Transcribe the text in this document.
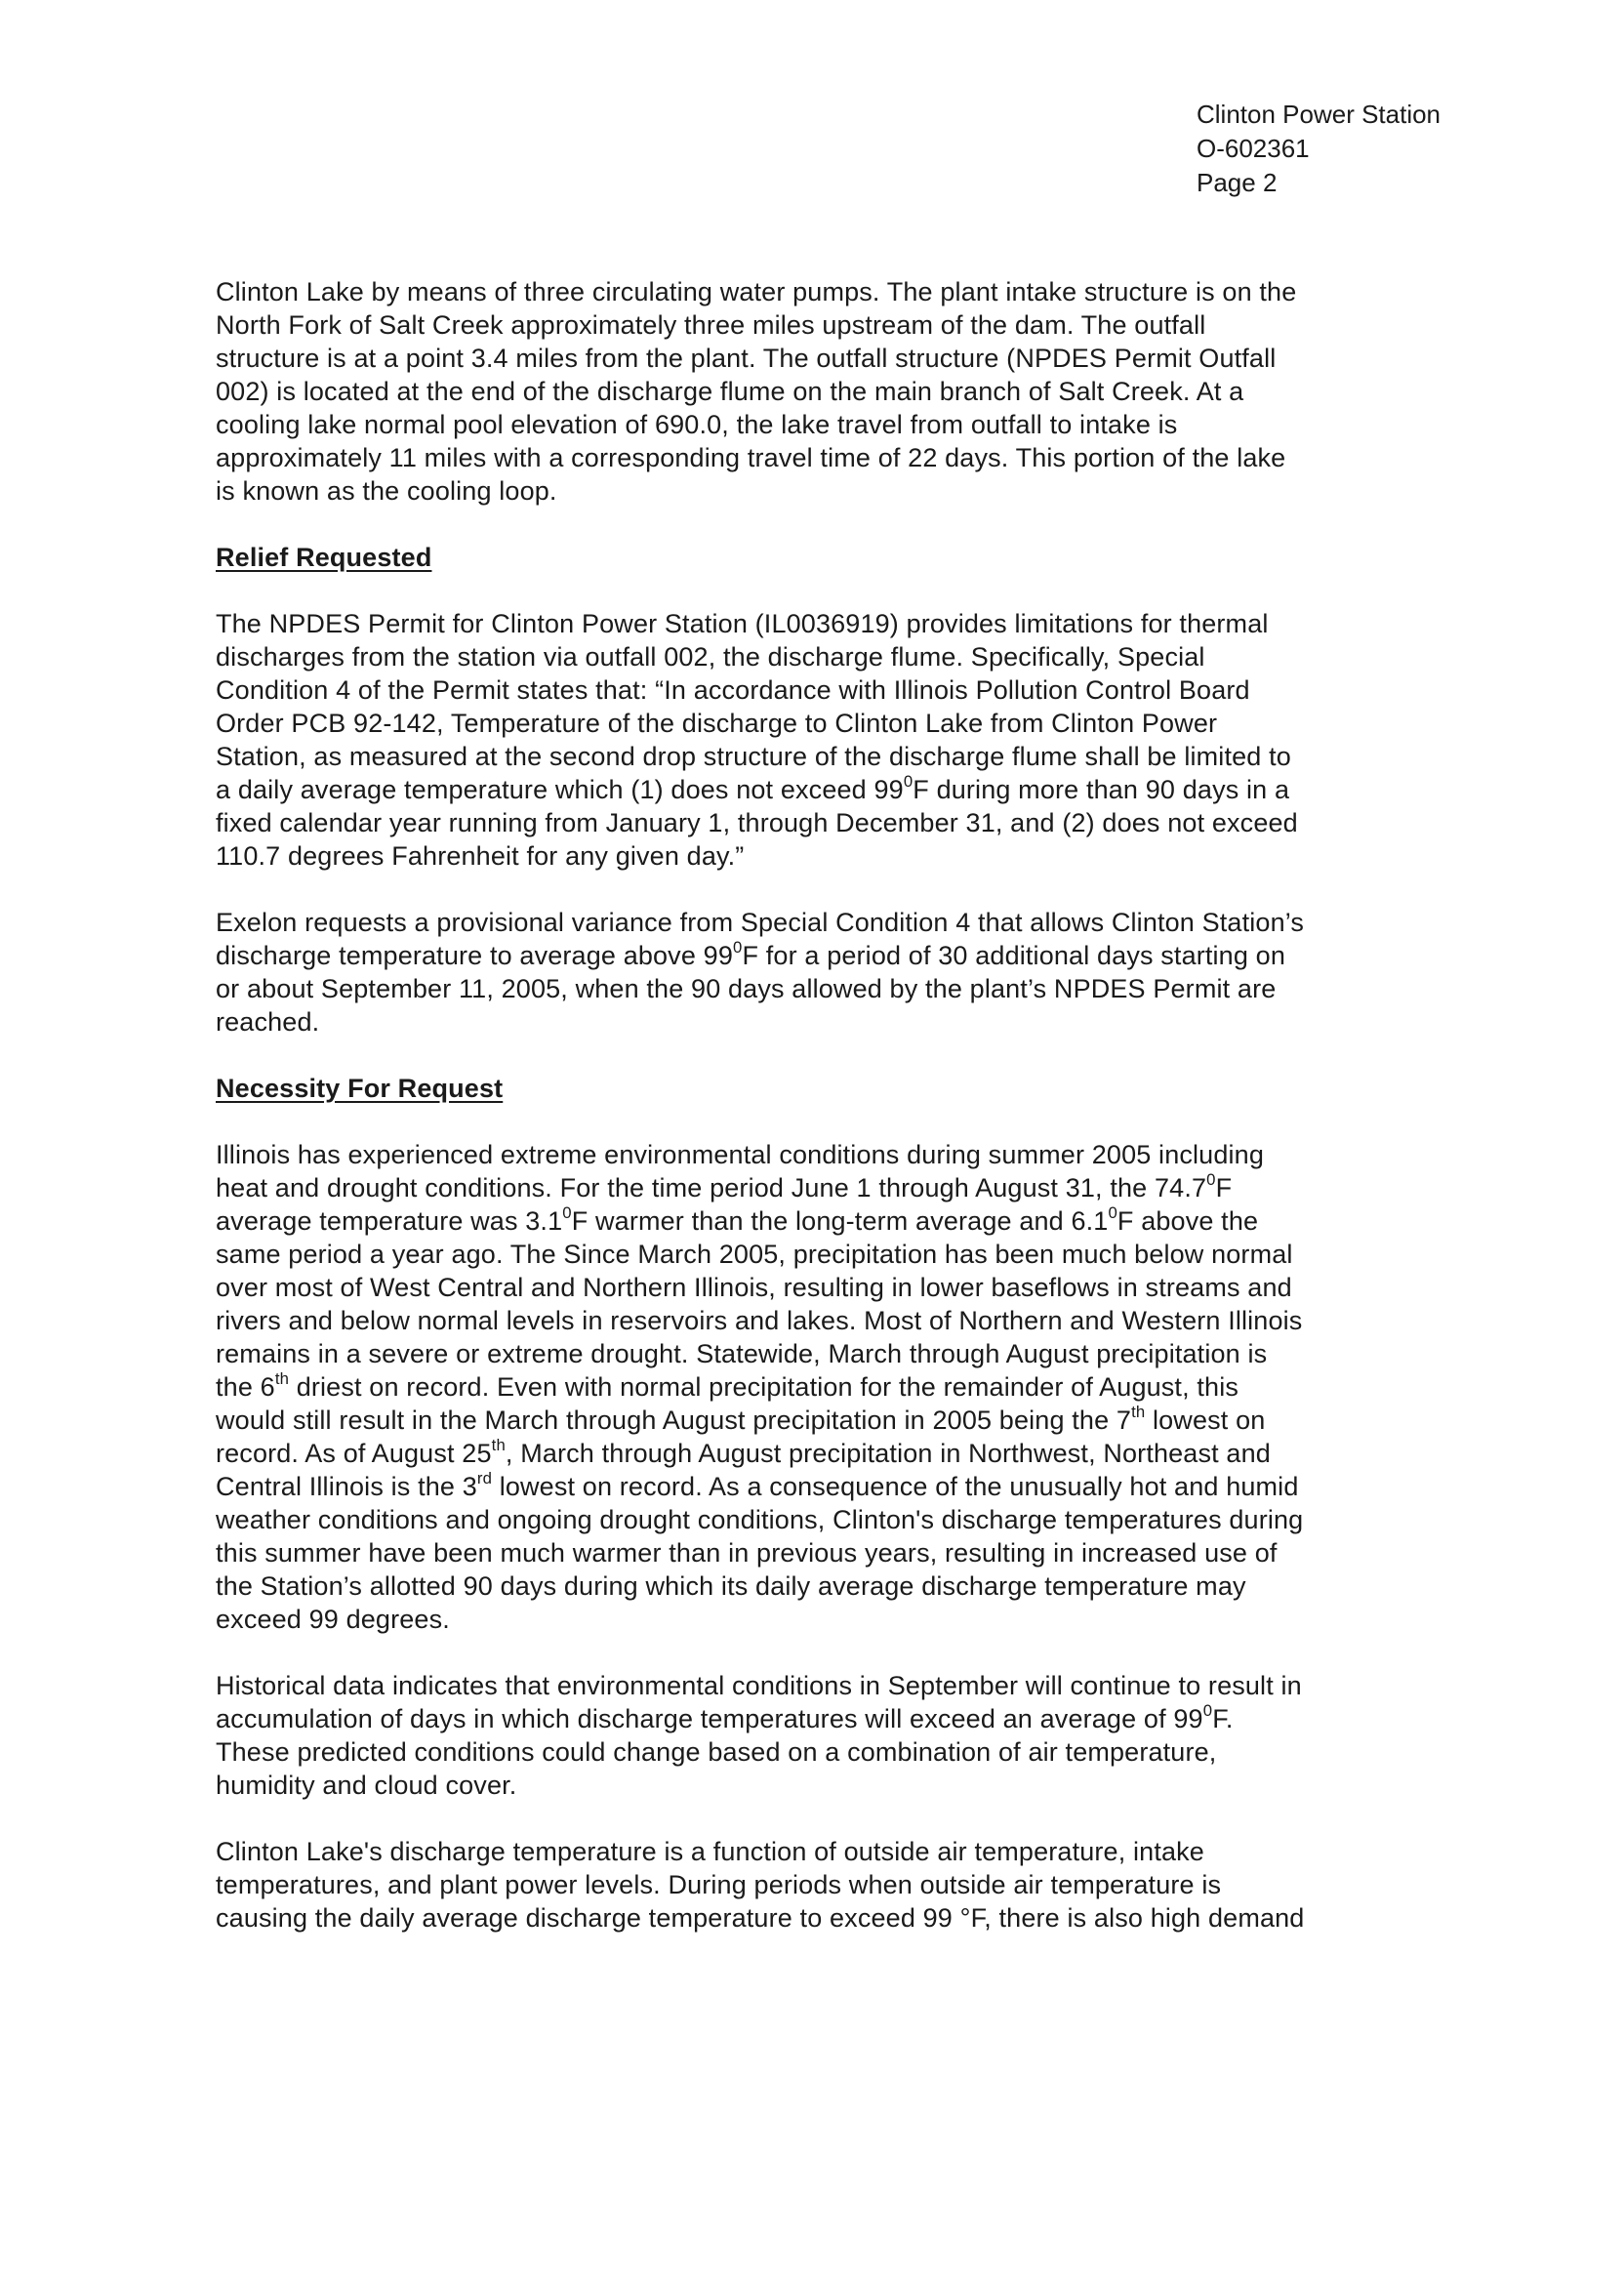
Clinton Power Station
O-602361
Page 2
Clinton Lake by means of three circulating water pumps. The plant intake structure is on the
North Fork of Salt Creek approximately three miles upstream of the dam. The outfall
structure is at a point 3.4 miles from the plant. The outfall structure (NPDES Permit Outfall
002) is located at the end of the discharge flume on the main branch of Salt Creek. At a
cooling lake normal pool elevation of 690.0, the lake travel from outfall to intake is
approximately 11 miles with a corresponding travel time of 22 days. This portion of the lake
is known as the cooling loop.
Relief Requested
The NPDES Permit for Clinton Power Station (IL0036919) provides limitations for thermal
discharges from the station via outfall 002, the discharge flume. Specifically, Special
Condition 4 of the Permit states that: “In accordance with Illinois Pollution Control Board
Order PCB 92-142, Temperature of the discharge to Clinton Lake from Clinton Power
Station, as measured at the second drop structure of the discharge flume shall be limited to
a daily average temperature which (1) does not exceed $99^0F$ during more than 90 days in a
fixed calendar year running from January 1, through December 31, and (2) does not exceed
110.7 degrees Fahrenheit for any given day.”
Exelon requests a provisional variance from Special Condition 4 that allows Clinton Station’s
discharge temperature to average above $99^0F$ for a period of 30 additional days starting on
or about September 11, 2005, when the 90 days allowed by the plant’s NPDES Permit are
reached.
Necessity For Request
Illinois has experienced extreme environmental conditions during summer 2005 including
heat and drought conditions. For the time period June 1 through August 31, the 74.7$^0$F
average temperature was $3.1^0F$ warmer than the long-term average and $6.1^0F$ above the
same period a year ago. The Since March 2005, precipitation has been much below normal
over most of West Central and Northern Illinois, resulting in lower baseflows in streams and
rivers and below normal levels in reservoirs and lakes. Most of Northern and Western Illinois
remains in a severe or extreme drought. Statewide, March through August precipitation is
the 6th driest on record. Even with normal precipitation for the remainder of August, this
would still result in the March through August precipitation in 2005 being the 7th lowest on
record. As of August 25th, March through August precipitation in Northwest, Northeast and
Central Illinois is the 3rd lowest on record. As a consequence of the unusually hot and humid
weather conditions and ongoing drought conditions, Clinton's discharge temperatures during
this summer have been much warmer than in previous years, resulting in increased use of
the Station’s allotted 90 days during which its daily average discharge temperature may
exceed 99 degrees.
Historical data indicates that environmental conditions in September will continue to result in
accumulation of days in which discharge temperatures will exceed an average of $99^0F$.
These predicted conditions could change based on a combination of air temperature,
humidity and cloud cover.
Clinton Lake's discharge temperature is a function of outside air temperature, intake
temperatures, and plant power levels. During periods when outside air temperature is
causing the daily average discharge temperature to exceed 99 °F, there is also high demand
